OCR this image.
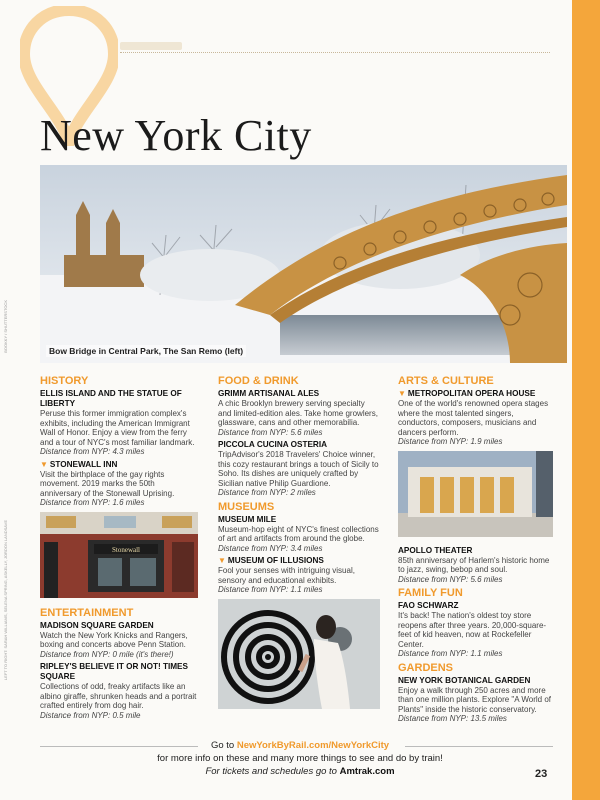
New York City
BOOKKY / SHUTTERSTOCK
LEFT TO RIGHT: SARAH WILLIAMS, SELENA SPRING, ASKELLY, JORDON LANDSAVE
Bow Bridge in Central Park, The San Remo (left)
HISTORY
ELLIS ISLAND AND THE STATUE OF LIBERTY
Peruse this former immigration complex's exhibits, including the American Immigrant Wall of Honor. Enjoy a view from the ferry and a tour of NYC's most familiar landmark.
Distance from NYP: 4.3 miles
▼ STONEWALL INN
Visit the birthplace of the gay rights movement. 2019 marks the 50th anniversary of the Stonewall Uprising.
Distance from NYP: 1.6 miles
Stonewall
ENTERTAINMENT
MADISON SQUARE GARDEN
Watch the New York Knicks and Rangers, boxing and concerts above Penn Station.
Distance from NYP: 0 mile (it's there!)
RIPLEY'S BELIEVE IT OR NOT! TIMES SQUARE
Collections of odd, freaky artifacts like an albino giraffe, shrunken heads and a portrait crafted entirely from dog hair.
Distance from NYP: 0.5 mile
FOOD & DRINK
GRIMM ARTISANAL ALES
A chic Brooklyn brewery serving specialty and limited-edition ales. Take home growlers, glassware, cans and other memorabilia.
Distance from NYP: 5.6 miles
PICCOLA CUCINA OSTERIA
TripAdvisor's 2018 Travelers' Choice winner, this cozy restaurant brings a touch of Sicily to Soho. Its dishes are uniquely crafted by Sicilian native Philip Guardione.
Distance from NYP: 2 miles
MUSEUMS
MUSEUM MILE
Museum-hop eight of NYC's finest collections of art and artifacts from around the globe.
Distance from NYP: 3.4 miles
▼ MUSEUM OF ILLUSIONS
Fool your senses with intriguing visual, sensory and educational exhibits.
Distance from NYP: 1.1 miles
ARTS & CULTURE
▼ METROPOLITAN OPERA HOUSE
One of the world's renowned opera stages where the most talented singers, conductors, composers, musicians and dancers perform.
Distance from NYP: 1.9 miles
APOLLO THEATER
85th anniversary of Harlem's historic home to jazz, swing, bebop and soul.
Distance from NYP: 5.6 miles
FAMILY FUN
FAO SCHWARZ
It's back! The nation's oldest toy store reopens after three years. 20,000-square-feet of kid heaven, now at Rockefeller Center.
Distance from NYP: 1.1 miles
GARDENS
NEW YORK BOTANICAL GARDEN
Enjoy a walk through 250 acres and more than one million plants. Explore "A World of Plants" inside the historic conservatory.
Distance from NYP: 13.5 miles
Go to NewYorkByRail.com/NewYorkCity
for more info on these and many more things to see and do by train!
For tickets and schedules go to Amtrak.com	23
